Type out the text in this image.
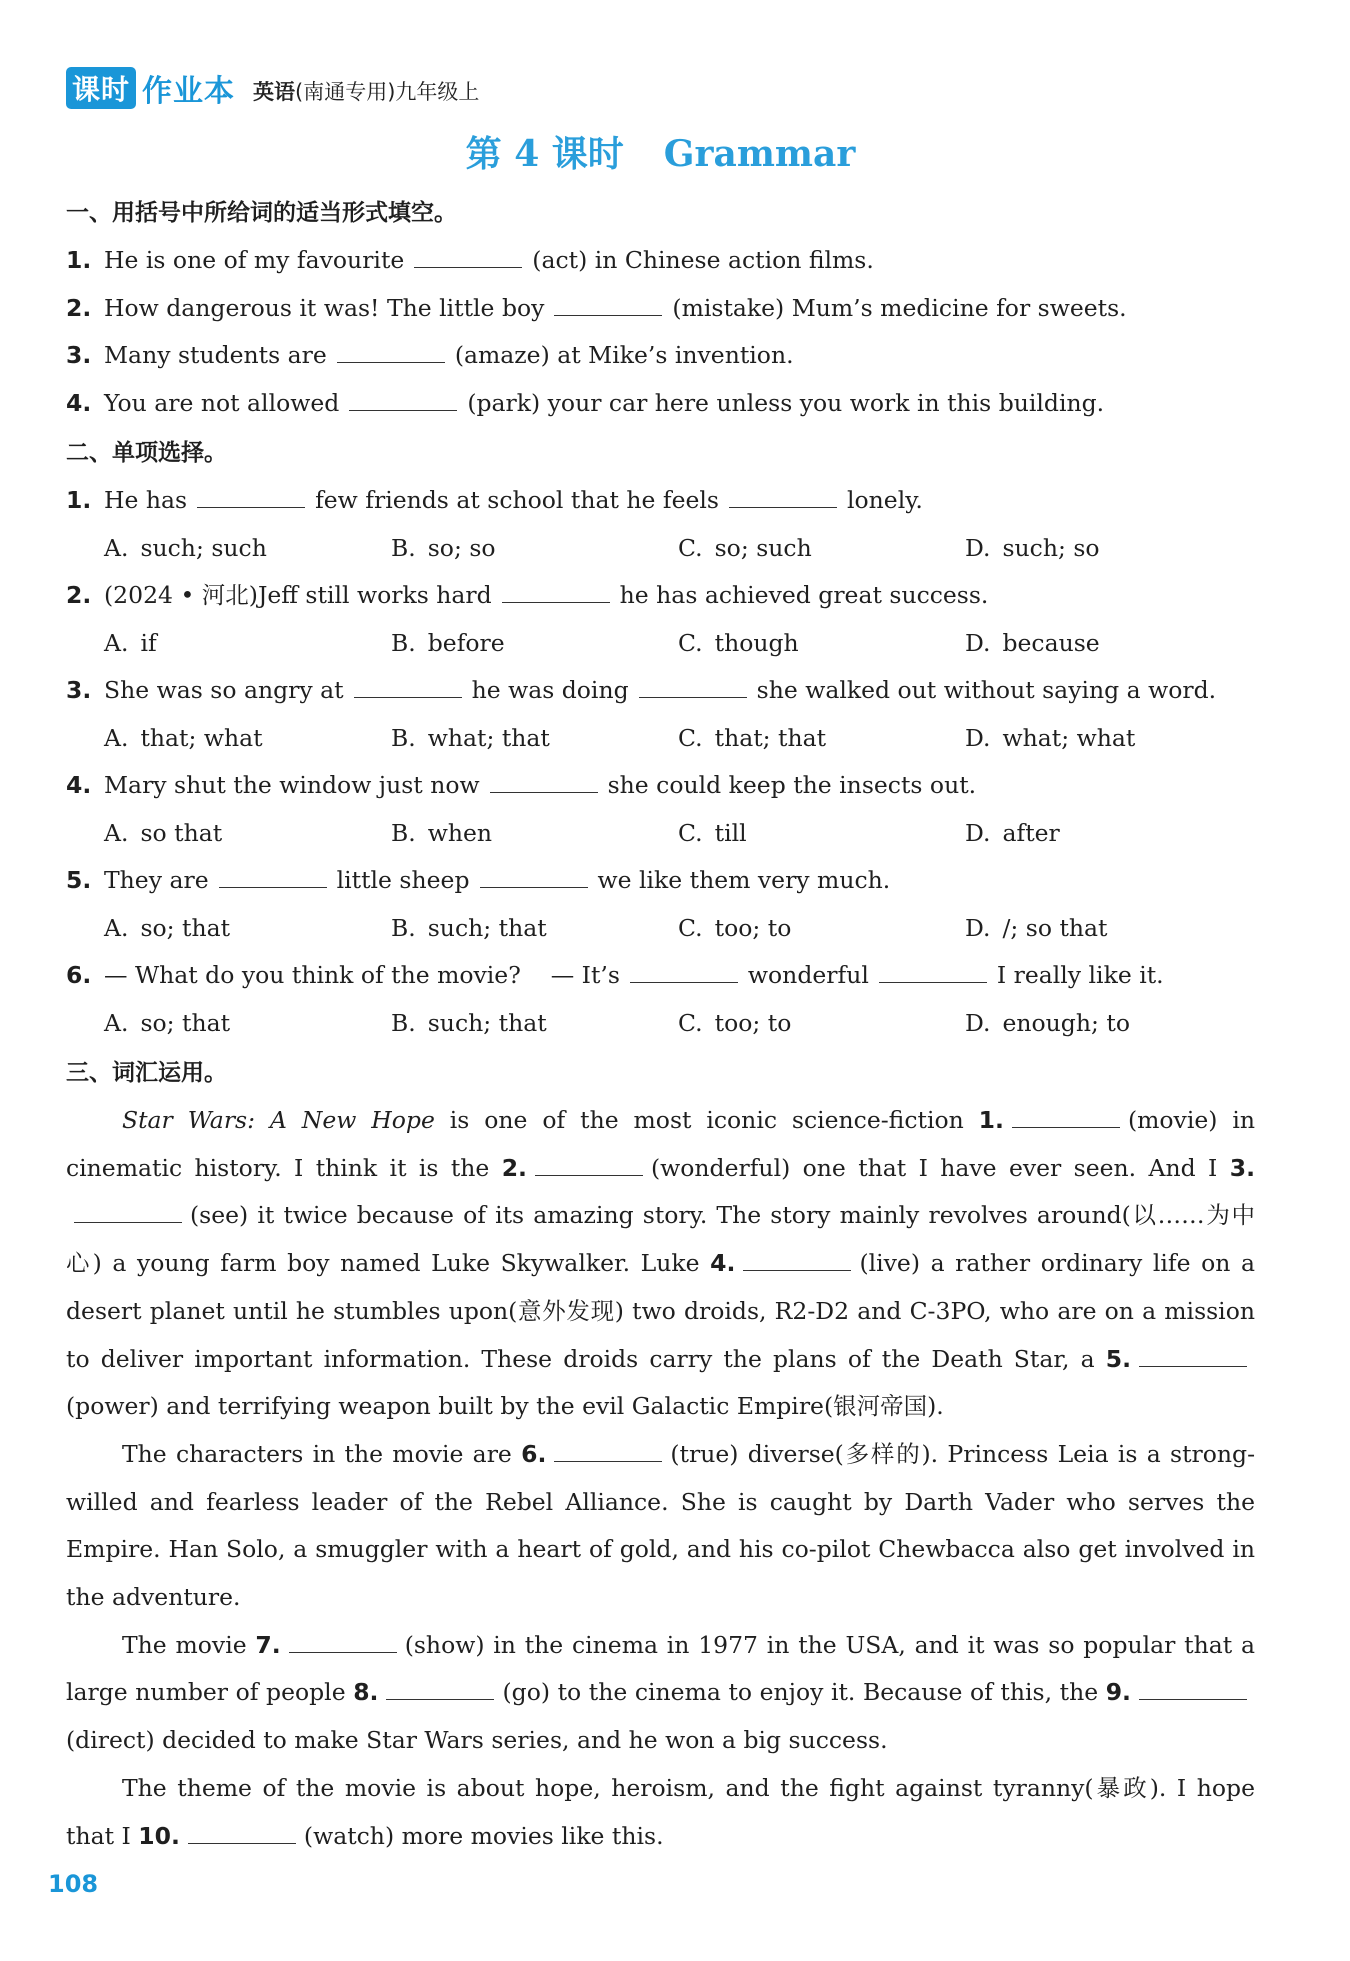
课时 作业本 英语(南通专用)九年级上
第 4 课时 Grammar
一、用括号中所给词的适当形式填空。
1. He is one of my favourite	(act) in Chinese action films.
2. How dangerous it was! The little boy	(mistake) Mum’s medicine for sweets.
3. Many students are	(amaze) at Mike’s invention.
4. You are not allowed	(park) your car here unless you work in this building.
二、单项选择。
1. He has	few friends at school that he feels	lonely.
A. such; such	B. so; so	C. so; such	D. such; so
2. (2024 • 河北)Jeff still works hard	he has achieved great success.
A. if	B. before	C. though	D. because
3. She was so angry at	he was doing	she walked out without saying a word.
A. that; what	B. what; that	C. that; that	D. what; what
4. Mary shut the window just now	she could keep the insects out.
A. so that	B. when	C. till	D. after
5. They are	little sheep	we like them very much.
A. so; that	B. such; that	C. too; to	D. /; so that
6. — What do you think of the movie?    — It’s	wonderful	I really like it.
A. so; that	B. such; that	C. too; to	D. enough; to
三、词汇运用。

Star Wars: A New Hope is one of the most iconic science-fiction 1.	(movie) in cinematic history. I think it is the 2.	(wonderful) one that I have ever seen. And I 3.(see) it twice because of its amazing story. The story mainly revolves around(以……为中心) a young farm boy named Luke Skywalker. Luke 4.	(live) a rather ordinary life on a desert planet until he stumbles upon(意外发现) two droids, R2-D2 and C-3PO, who are on a mission to deliver important information. These droids carry the plans of the Death Star, a 5.(power) and terrifying weapon built by the evil Galactic Empire(银河帝国).

The characters in the movie are 6.	(true) diverse(多样的). Princess Leia is a strong-willed and fearless leader of the Rebel Alliance. She is caught by Darth Vader who serves the Empire. Han Solo, a smuggler with a heart of gold, and his co-pilot Chewbacca also get involved in the adventure.

The movie 7.	(show) in the cinema in 1977 in the USA, and it was so popular that a large number of people 8.	(go) to the cinema to enjoy it. Because of this, the 9.(direct) decided to make Star Wars series, and he won a big success.

The theme of the movie is about hope, heroism, and the fight against tyranny(暴政). I hope that I 10.	(watch) more movies like this.

108
